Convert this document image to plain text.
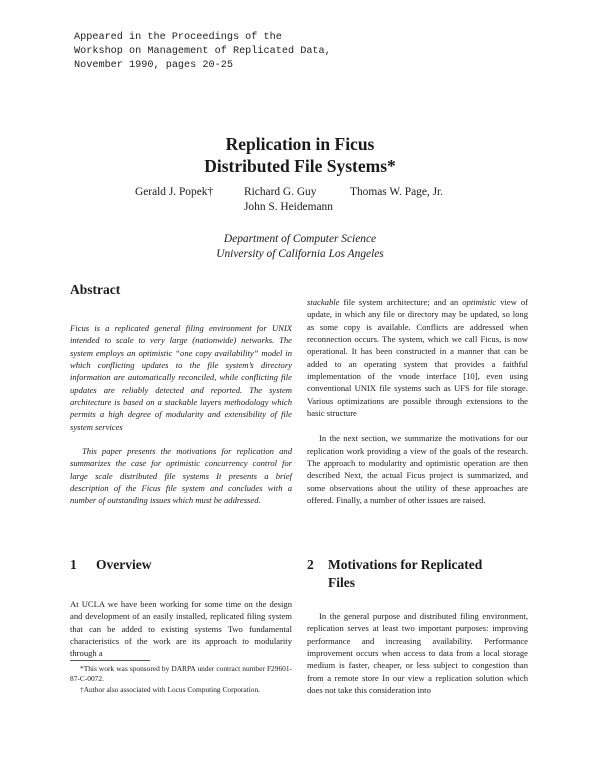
Appeared in the Proceedings of the
Workshop on Management of Replicated Data,
November 1990, pages 20-25
Replication in Ficus
Distributed File Systems*
Gerald J. Popek†	Richard G. Guy	Thomas W. Page, Jr.
John S. Heidemann
Department of Computer Science
University of California Los Angeles
Abstract

Ficus is a replicated general filing environment for UNIX intended to scale to very large (nationwide) networks. The system employs an optimistic “one copy availability” model in which conflicting updates to the file system’s directory information are automatically reconciled, while conflicting file updates are reliably detected and reported. The system architecture is based on a stackable layers methodology which permits a high degree of modularity and extensibility of file system services

This paper presents the motivations for replication and summarizes the case for optimistic concurrency control for large scale distributed file systems It presents a brief description of the Ficus file system and concludes with a number of outstanding issues which must be addressed.

stackable file system architecture; and an optimistic view of update, in which any file or directory may be updated, so long as some copy is available. Conflicts are addressed when reconnection occurs. The system, which we call Ficus, is now operational. It has been constructed in a manner that can be added to an operating system that provides a faithful implementation of the vnode interface [10], even using conventional UNIX file systems such as UFS for file storage. Various optimizations are possible through extensions to the basic structure

In the next section, we summarize the motivations for our replication work providing a view of the goals of the research. The approach to modularity and optimistic operation are then described Next, the actual Ficus project is summarized, and some observations about the utility of these approaches are offered. Finally, a number of other issues are raised.

1 Overview

At UCLA we have been working for some time on the design and development of an easily installed, replicated filing system that can be added to existing systems Two fundamental characteristics of the work are its approach to modularity through a

2 Motivations for Replicated
Files

In the general purpose and distributed filing environment, replication serves at least two important purposes: improving performance and increasing availability. Performance improvement occurs when access to data from a local storage medium is faster, cheaper, or less subject to congestion than from a remote store In our view a replication solution which does not take this consideration into

*This work was sponsored by DARPA under contract number F29601-87-C-0072.

†Author also associated with Locus Computing Corporation.
